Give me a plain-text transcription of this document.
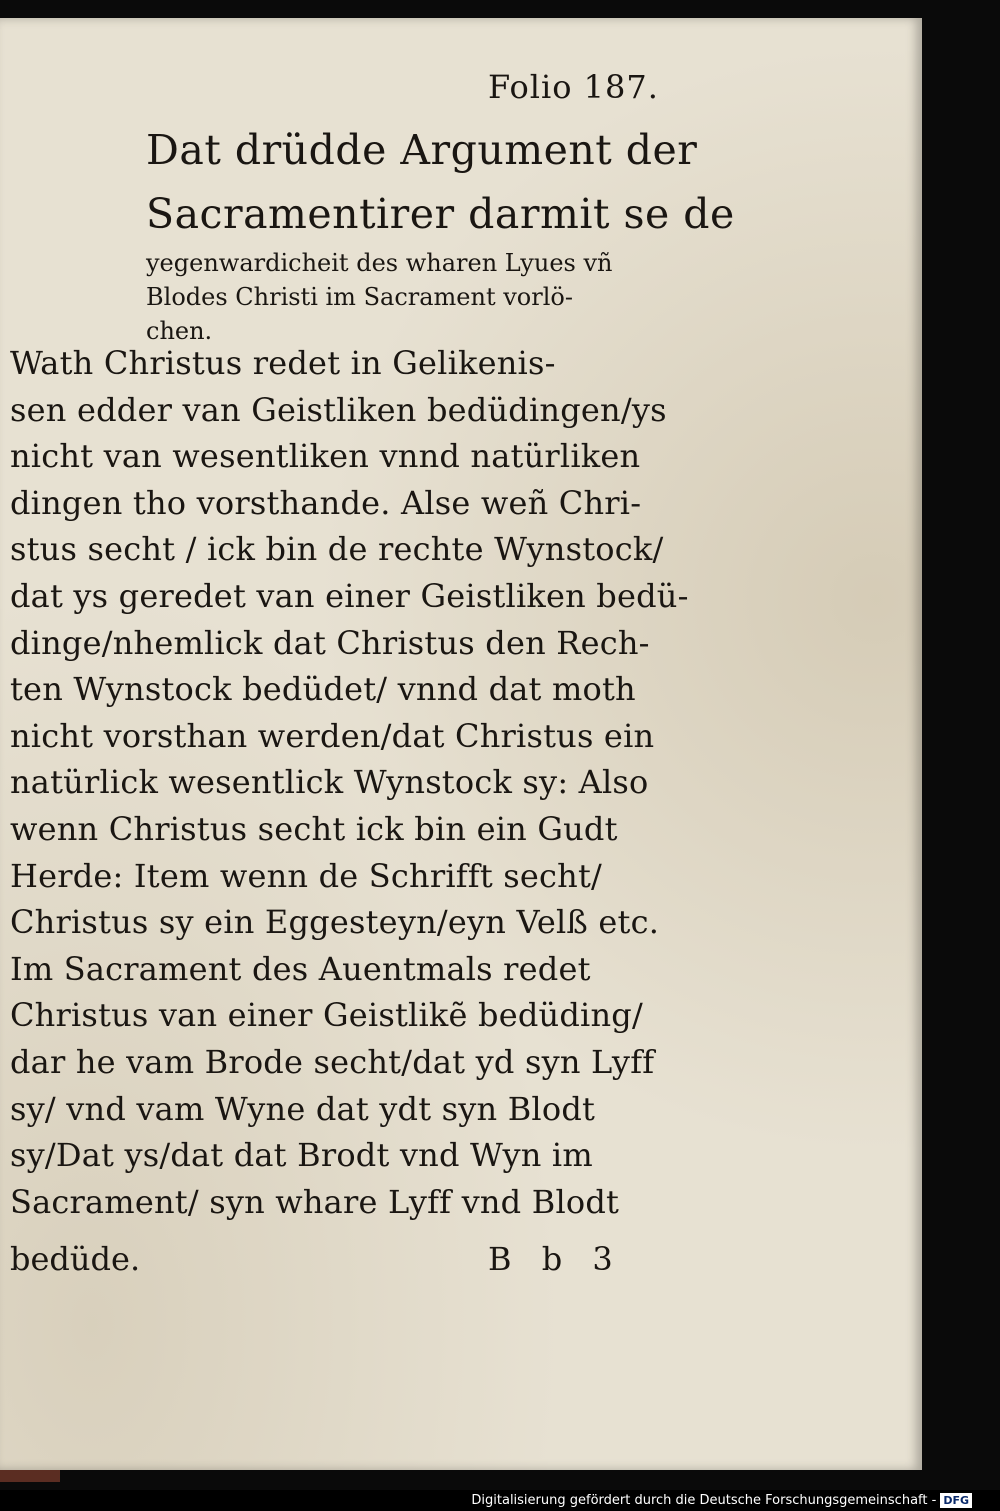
Folio 187.
Dat drüdde Argument der
Sacramentirer darmit se de
yegenwardicheit des wharen Lyues vñ
Blodes Christi im Sacrament vorlö-
chen.
Wath Christus redet in Gelikenis-
sen edder van Geistliken bedüdingen/ys
nicht van wesentliken vnnd natürliken
dingen tho vorsthande. Alse weñ Chri-
stus secht / ick bin de rechte Wynstock/
dat ys geredet van einer Geistliken bedü-
dinge/nhemlick dat Christus den Rech-
ten Wynstock bedüdet/ vnnd dat moth
nicht vorsthan werden/dat Christus ein
natürlick wesentlick Wynstock sy: Also
wenn Christus secht ick bin ein Gudt
Herde: Item wenn de Schrifft secht/
Christus sy ein Eggesteyn/eyn Velß etc.
Im Sacrament des Auentmals redet
Christus van einer Geistlikẽ bedüding/
dar he vam Brode secht/dat yd syn Lyff
sy/ vnd vam Wyne dat ydt syn Blodt
sy/Dat ys/dat dat Brodt vnd Wyn im
Sacrament/ syn whare Lyff vnd Blodt
bedüde.	B b 3
Digitalisierung gefördert durch die Deutsche Forschungsgemeinschaft - DFG
